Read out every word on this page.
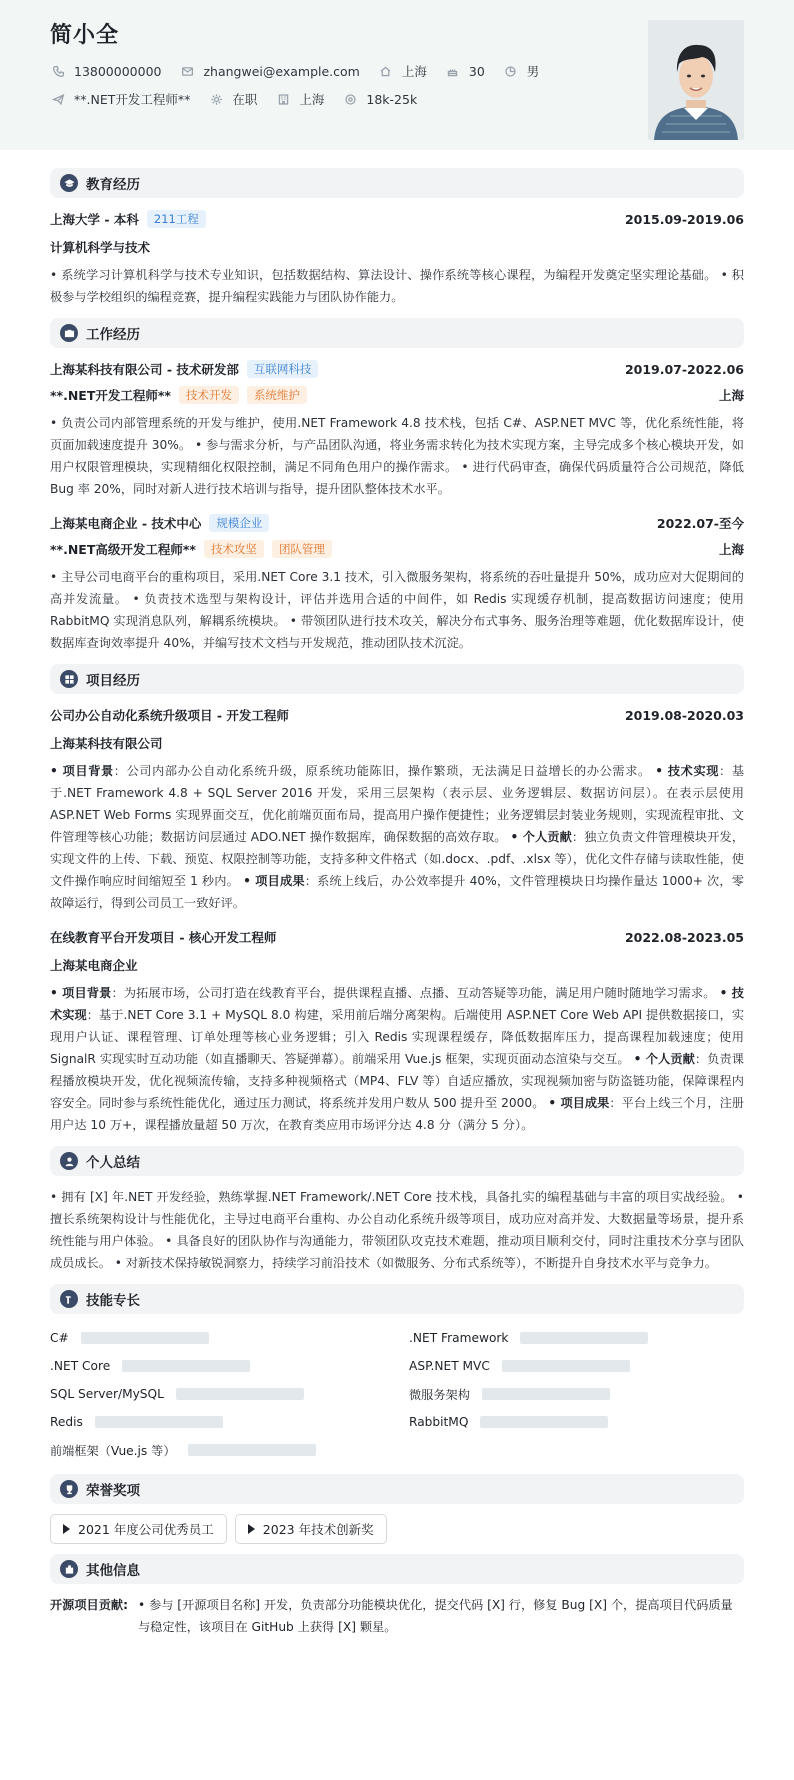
简小全
13800000000	zhangwei@example.com	上海	30	男
**.NET开发工程师**	在职	上海	18k-25k
教育经历
上海大学 - 本科	211工程	2015.09-2019.06
计算机科学与技术
• 系统学习计算机科学与技术专业知识，包括数据结构、算法设计、操作系统等核心课程，为编程开发奠定坚实理论基础。 • 积极参与学校组织的编程竞赛，提升编程实践能力与团队协作能力。
工作经历
上海某科技有限公司 - 技术研发部	互联网科技	2019.07-2022.06
**.NET开发工程师**	技术开发	系统维护	上海
• 负责公司内部管理系统的开发与维护，使用.NET Framework 4.8 技术栈，包括 C#、ASP.NET MVC 等，优化系统性能，将页面加载速度提升 30%。 • 参与需求分析，与产品团队沟通，将业务需求转化为技术实现方案，主导完成多个核心模块开发，如用户权限管理模块，实现精细化权限控制，满足不同角色用户的操作需求。 • 进行代码审查，确保代码质量符合公司规范，降低 Bug 率 20%，同时对新人进行技术培训与指导，提升团队整体技术水平。
上海某电商企业 - 技术中心	规模企业	2022.07-至今
**.NET高级开发工程师**	技术攻坚	团队管理	上海
• 主导公司电商平台的重构项目，采用.NET Core 3.1 技术，引入微服务架构，将系统的吞吐量提升 50%，成功应对大促期间的高并发流量。 • 负责技术选型与架构设计，评估并选用合适的中间件，如 Redis 实现缓存机制，提高数据访问速度；使用 RabbitMQ 实现消息队列，解耦系统模块。 • 带领团队进行技术攻关，解决分布式事务、服务治理等难题，优化数据库设计，使数据库查询效率提升 40%，并编写技术文档与开发规范，推动团队技术沉淀。
项目经历
公司办公自动化系统升级项目 - 开发工程师	2019.08-2020.03
上海某科技有限公司
• 项目背景：公司内部办公自动化系统升级，原系统功能陈旧，操作繁琐，无法满足日益增长的办公需求。 • 技术实现：基于.NET Framework 4.8 + SQL Server 2016 开发，采用三层架构（表示层、业务逻辑层、数据访问层）。在表示层使用 ASP.NET Web Forms 实现界面交互，优化前端页面布局，提高用户操作便捷性；业务逻辑层封装业务规则，实现流程审批、文件管理等核心功能；数据访问层通过 ADO.NET 操作数据库，确保数据的高效存取。 • 个人贡献：独立负责文件管理模块开发，实现文件的上传、下载、预览、权限控制等功能，支持多种文件格式（如.docx、.pdf、.xlsx 等），优化文件存储与读取性能，使文件操作响应时间缩短至 1 秒内。 • 项目成果：系统上线后，办公效率提升 40%，文件管理模块日均操作量达 1000+ 次，零故障运行，得到公司员工一致好评。
在线教育平台开发项目 - 核心开发工程师	2022.08-2023.05
上海某电商企业
• 项目背景：为拓展市场，公司打造在线教育平台，提供课程直播、点播、互动答疑等功能，满足用户随时随地学习需求。 • 技术实现：基于.NET Core 3.1 + MySQL 8.0 构建，采用前后端分离架构。后端使用 ASP.NET Core Web API 提供数据接口，实现用户认证、课程管理、订单处理等核心业务逻辑；引入 Redis 实现课程缓存，降低数据库压力，提高课程加载速度；使用 SignalR 实现实时互动功能（如直播聊天、答疑弹幕）。前端采用 Vue.js 框架，实现页面动态渲染与交互。 • 个人贡献：负责课程播放模块开发，优化视频流传输，支持多种视频格式（MP4、FLV 等）自适应播放，实现视频加密与防盗链功能，保障课程内容安全。同时参与系统性能优化，通过压力测试，将系统并发用户数从 500 提升至 2000。 • 项目成果：平台上线三个月，注册用户达 10 万+，课程播放量超 50 万次，在教育类应用市场评分达 4.8 分（满分 5 分）。
个人总结
• 拥有 [X] 年.NET 开发经验，熟练掌握.NET Framework/.NET Core 技术栈，具备扎实的编程基础与丰富的项目实战经验。 • 擅长系统架构设计与性能优化，主导过电商平台重构、办公自动化系统升级等项目，成功应对高并发、大数据量等场景，提升系统性能与用户体验。 • 具备良好的团队协作与沟通能力，带领团队攻克技术难题，推动项目顺利交付，同时注重技术分享与团队成员成长。 • 对新技术保持敏锐洞察力，持续学习前沿技术（如微服务、分布式系统等），不断提升自身技术水平与竞争力。
技能专长
C#	.NET Framework
.NET Core	ASP.NET MVC
SQL Server/MySQL	微服务架构
Redis	RabbitMQ
前端框架（Vue.js 等）
荣誉奖项
2021 年度公司优秀员工	2023 年技术创新奖
其他信息
开源项目贡献: • 参与 [开源项目名称] 开发，负责部分功能模块优化，提交代码 [X] 行，修复 Bug [X] 个，提高项目代码质量与稳定性，该项目在 GitHub 上获得 [X] 颗星。
